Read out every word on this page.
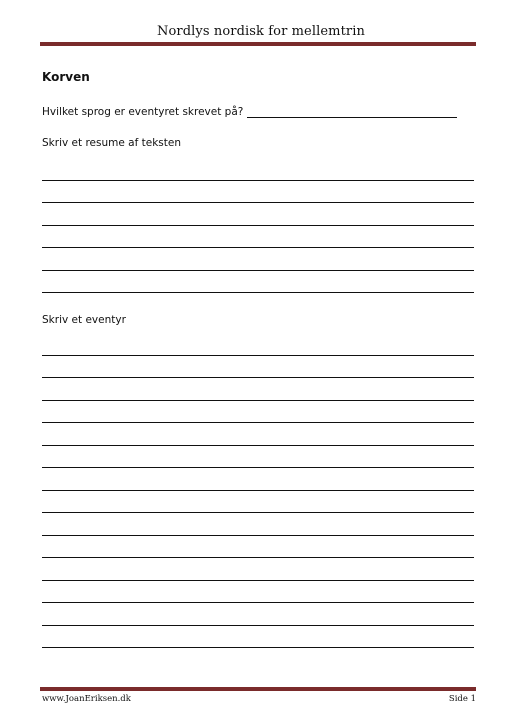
Nordlys nordisk for mellemtrin
Korven
Hvilket sprog er eventyret skrevet på?
Skriv et resume af teksten
Skriv et eventyr
www.JoanEriksen.dk	Side 1
